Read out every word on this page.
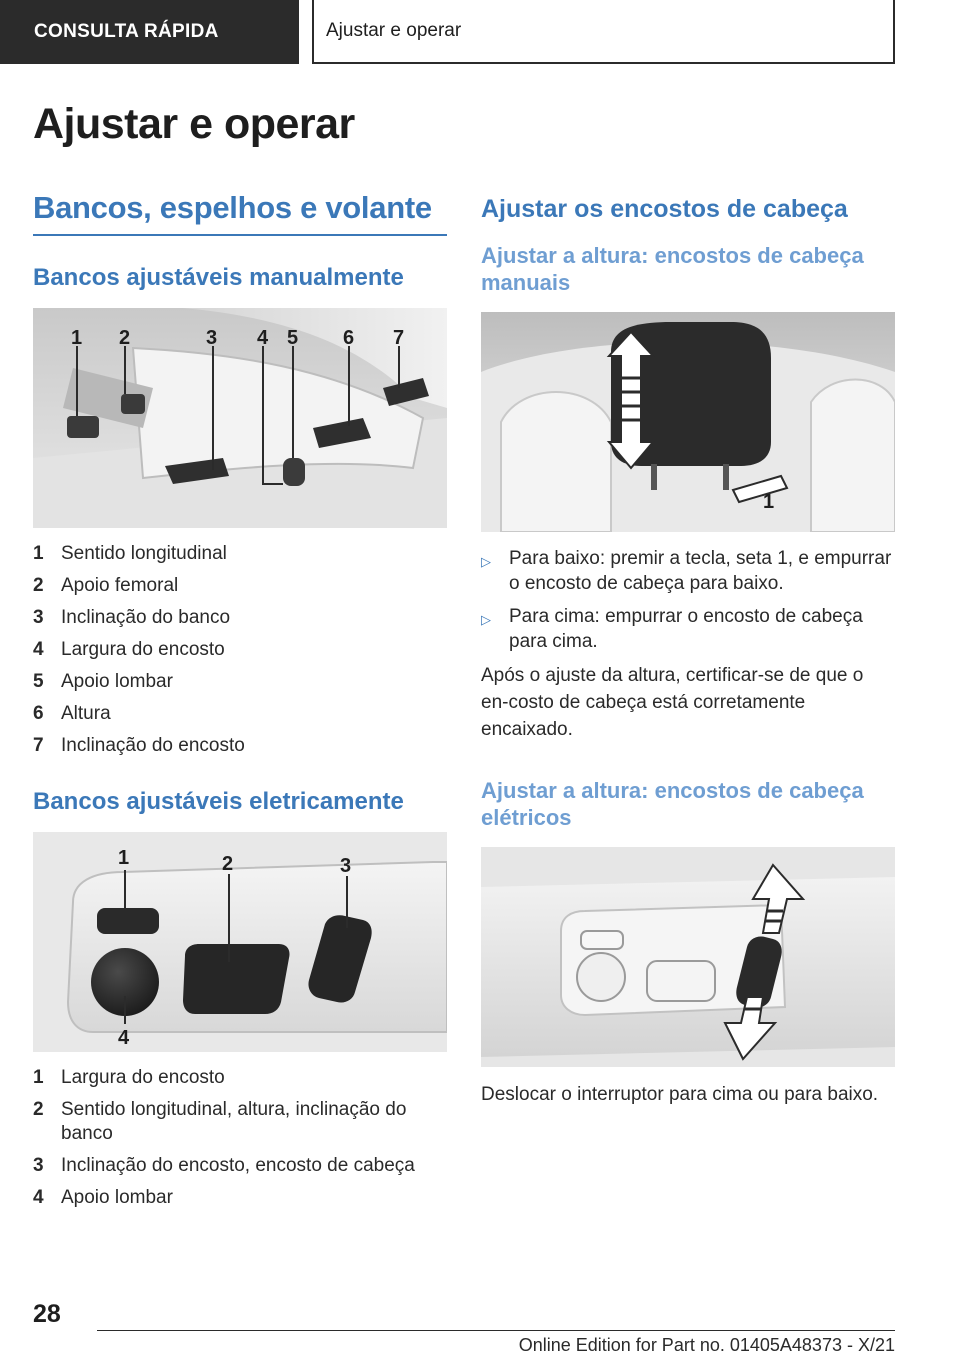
CONSULTA RÁPIDA	Ajustar e operar
Ajustar e operar
Bancos, espelhos e volante
Bancos ajustáveis manualmente
1 2	3 4 5 6 7
1 Sentido longitudinal
2 Apoio femoral
3 Inclinação do banco
4 Largura do encosto
5 Apoio lombar
6 Altura
7 Inclinação do encosto
Bancos ajustáveis eletricamente
1	2	3
4
1 Largura do encosto
2 Sentido longitudinal, altura, inclinação do banco
3 Inclinação do encosto, encosto de cabeça
4 Apoio lombar
Ajustar os encostos de cabeça
Ajustar a altura: encostos de cabeça manuais
1
▷ Para baixo: premir a tecla, seta 1, e empurrar o encosto de cabeça para baixo.
▷ Para cima: empurrar o encosto de cabeça para cima.

Após o ajuste da altura, certificar-se de que o en-costo de cabeça está corretamente encaixado.

Ajustar a altura: encostos de cabeça elétricos

Deslocar o interruptor para cima ou para baixo.

28
Online Edition for Part no. 01405A48373 - X/21
